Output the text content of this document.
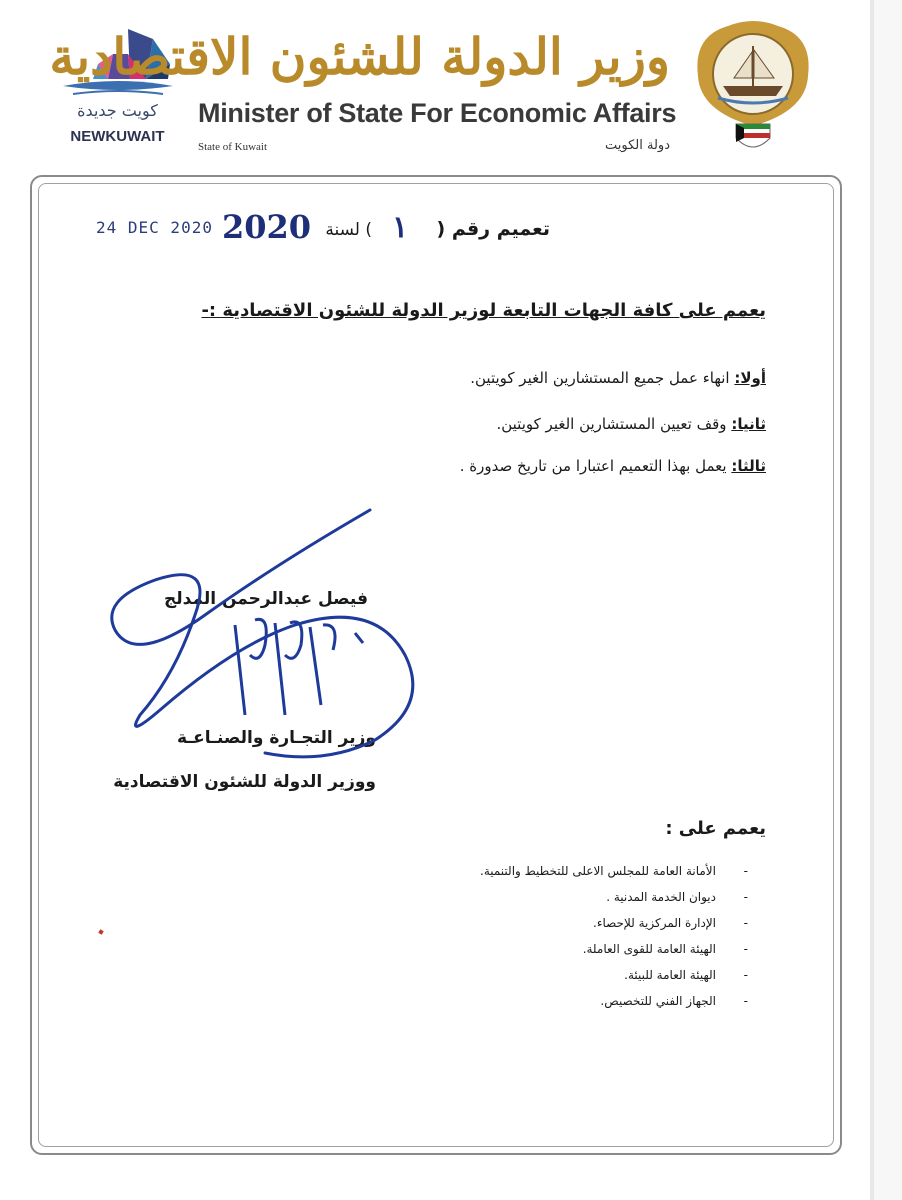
كويت جديدة
NEWKUWAIT
وزير الدولة للشئون الاقتصادية
Minister of State For Economic Affairs
State of Kuwait	دولة الكويت
24 DEC 2020 2020 ) لسنة ١ تعميم رقم (
يعمم على كافة الجهات التابعة لوزير الدولة للشئون الاقتصادية :-
أولا: انهاء عمل جميع المستشارين الغير كويتين.
ثانيا: وقف تعيين المستشارين الغير كويتين.
ثالثا: يعمل بهذا التعميم اعتبارا من تاريخ صدورة .
فيصل عبدالرحمن المدلج
وزير التجـارة والصنـاعـة
ووزير الدولة للشئون الاقتصادية
يعمم على :
-
الأمانة العامة للمجلس الاعلى للتخطيط والتنمية.
-
ديوان الخدمة المدنية .
-
الإدارة المركزية للإحصاء.
-
الهيئة العامة للقوى العاملة.
-
الهيئة العامة للبيئة.
-
الجهاز الفني للتخصيص.
